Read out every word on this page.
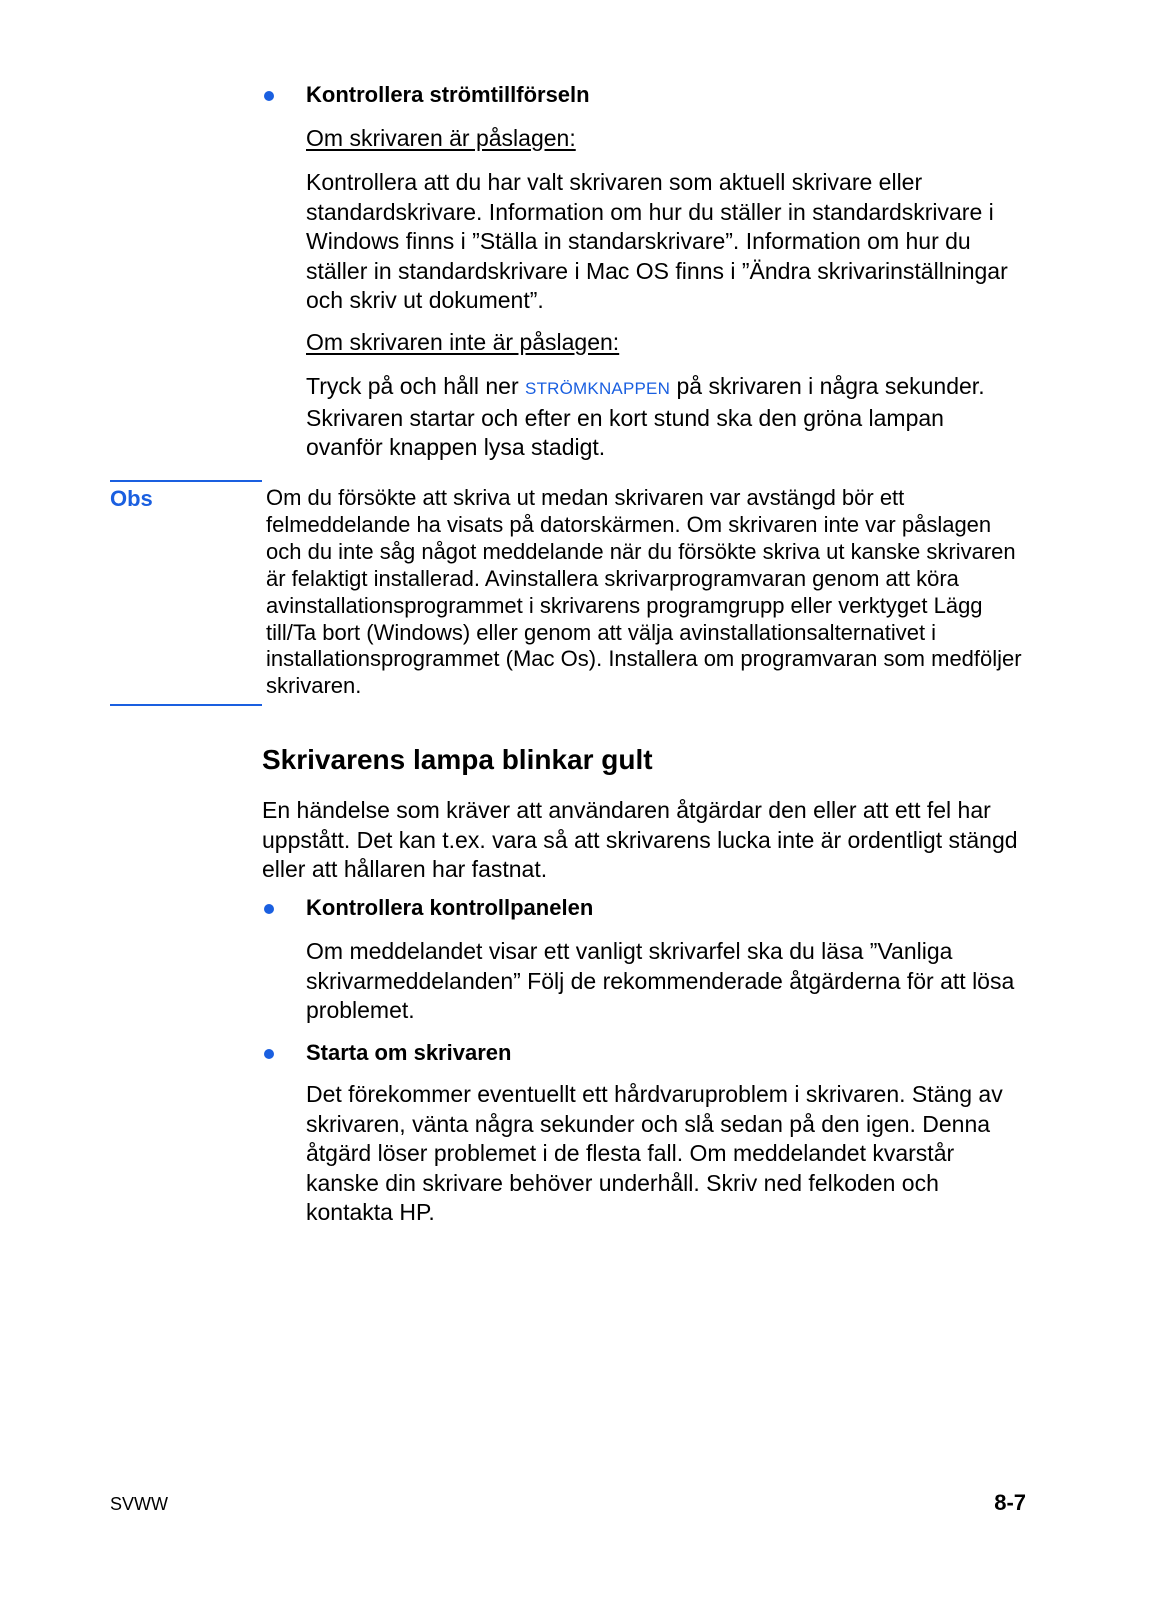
Kontrollera strömtillförseln
Om skrivaren är påslagen:

Kontrollera att du har valt skrivaren som aktuell skrivare eller standardskrivare. Information om hur du ställer in standardskrivare i Windows finns i ”Ställa in standarskrivare”. Information om hur du ställer in standardskrivare i Mac OS finns i ”Ändra skrivarinställningar och skriv ut dokument”.

Om skrivaren inte är påslagen:

Tryck på och håll ner STRÖMKNAPPEN på skrivaren i några sekunder. Skrivaren startar och efter en kort stund ska den gröna lampan ovanför knappen lysa stadigt.

Obs	Om du försökte att skriva ut medan skrivaren var avstängd bör ett felmeddelande ha visats på datorskärmen. Om skrivaren inte var påslagen och du inte såg något meddelande när du försökte skriva ut kanske skrivaren är felaktigt installerad. Avinstallera skrivarprogramvaran genom att köra avinstallationsprogrammet i skrivarens programgrupp eller verktyget Lägg till/Ta bort (Windows) eller genom att välja avinstallationsalternativet i installationsprogrammet (Mac Os). Installera om programvaran som medföljer skrivaren.

Skrivarens lampa blinkar gult

En händelse som kräver att användaren åtgärdar den eller att ett fel har uppstått. Det kan t.ex. vara så att skrivarens lucka inte är ordentligt stängd eller att hållaren har fastnat.

Kontrollera kontrollpanelen

Om meddelandet visar ett vanligt skrivarfel ska du läsa ”Vanliga skrivarmeddelanden” Följ de rekommenderade åtgärderna för att lösa problemet.

Starta om skrivaren

Det förekommer eventuellt ett hårdvaruproblem i skrivaren. Stäng av skrivaren, vänta några sekunder och slå sedan på den igen. Denna åtgärd löser problemet i de flesta fall. Om meddelandet kvarstår kanske din skrivare behöver underhåll. Skriv ned felkoden och kontakta HP.

SVWW	8-7
